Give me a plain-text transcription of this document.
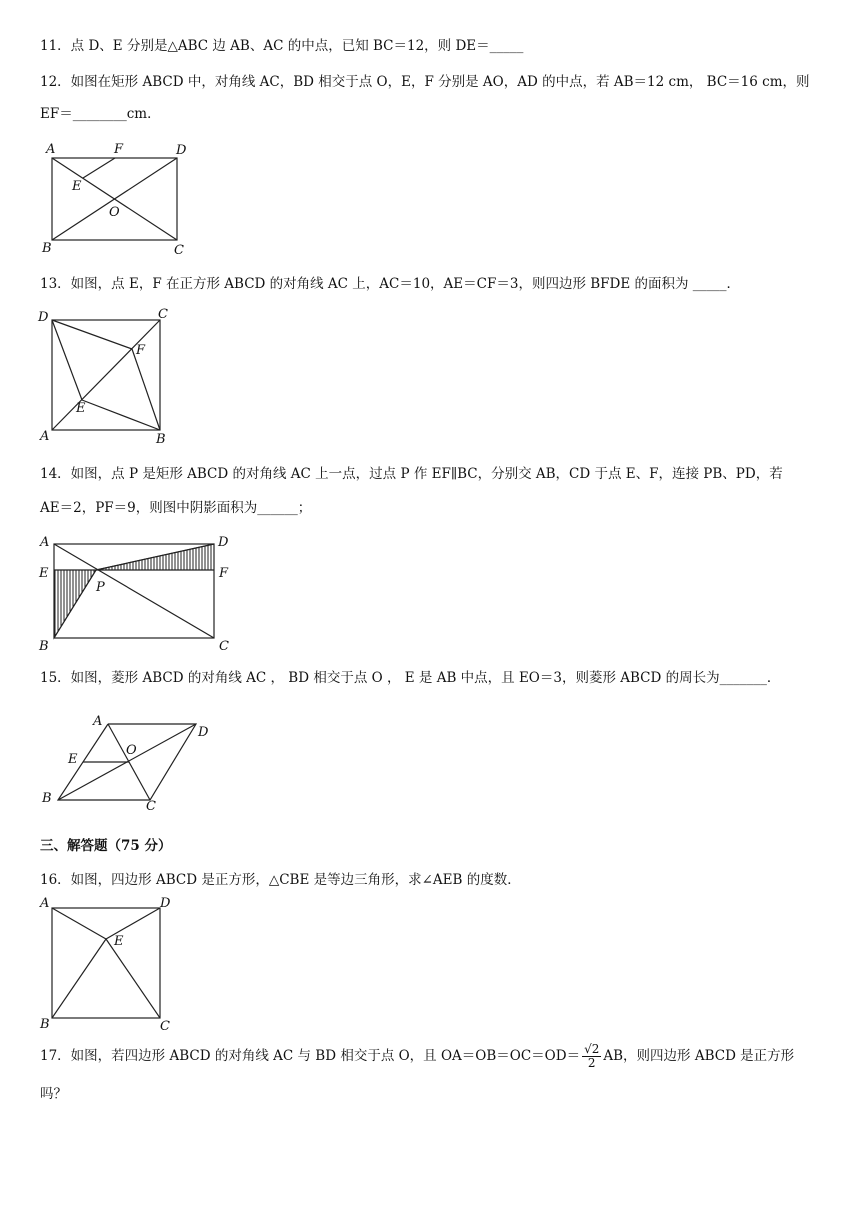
11．点 D、E 分别是△ABC 边 AB、AC 的中点，已知 BC＝12，则 DE＝_____
12．如图在矩形 ABCD 中，对角线 AC，BD 相交于点 O，E，F 分别是 AO，AD 的中点，若 AB＝12 cm， BC＝16 cm，则
EF＝________cm．
A	F	D
E
O
B	C
13．如图，点 E，F 在正方形 ABCD 的对角线 AC 上，AC＝10，AE＝CF＝3，则四边形 BFDE 的面积为 _____．
D	C
F
E
A	B
14．如图，点 P 是矩形 ABCD 的对角线 AC 上一点，过点 P 作 EF∥BC，分别交 AB，CD 于点 E、F，连接 PB、PD，若
AE＝2，PF＝9，则图中阴影面积为______；
A	D
E	F
P
B	C
15．如图，菱形 ABCD 的对角线 AC ， BD 相交于点 O ， E 是 AB 中点，且 EO＝3，则菱形 ABCD 的周长为_______．
A
D
E
O
B
C
三、解答题（75 分）
16．如图，四边形 ABCD 是正方形，△CBE 是等边三角形，求∠AEB 的度数．
A	D
E
B	C
17．如图，若四边形 ABCD 的对角线 AC 与 BD 相交于点 O，且 $OA=OB=OC=OD= \frac{√2}{2}$ AB，则四边形 ABCD 是正方形
吗？
